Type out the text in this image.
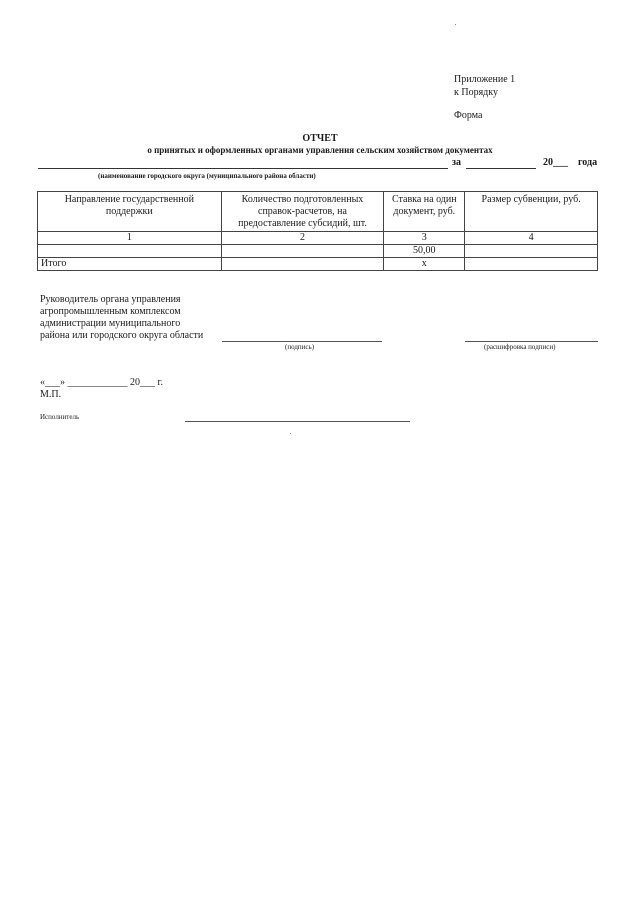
Приложение 1
к Порядку
Форма
ОТЧЕТ
о принятых и оформленных органами управления сельским хозяйством документах
за	20___ года
(наименование городского округа (муниципального района области)
Направление государственной поддержки	Количество подготовленных справок-расчетов, на предоставление субсидий, шт.	Ставка на один документ, руб.	Размер субвенции, руб.
1	2	3	4
		50,00	
Итого		x	
Руководитель органа управления
агропромышленным комплексом
администрации муниципального
района или городского округа области
(подпись)	(расшифровка подписи)
«___» ____________ 20___ г.
М.П.
Исполнитель
